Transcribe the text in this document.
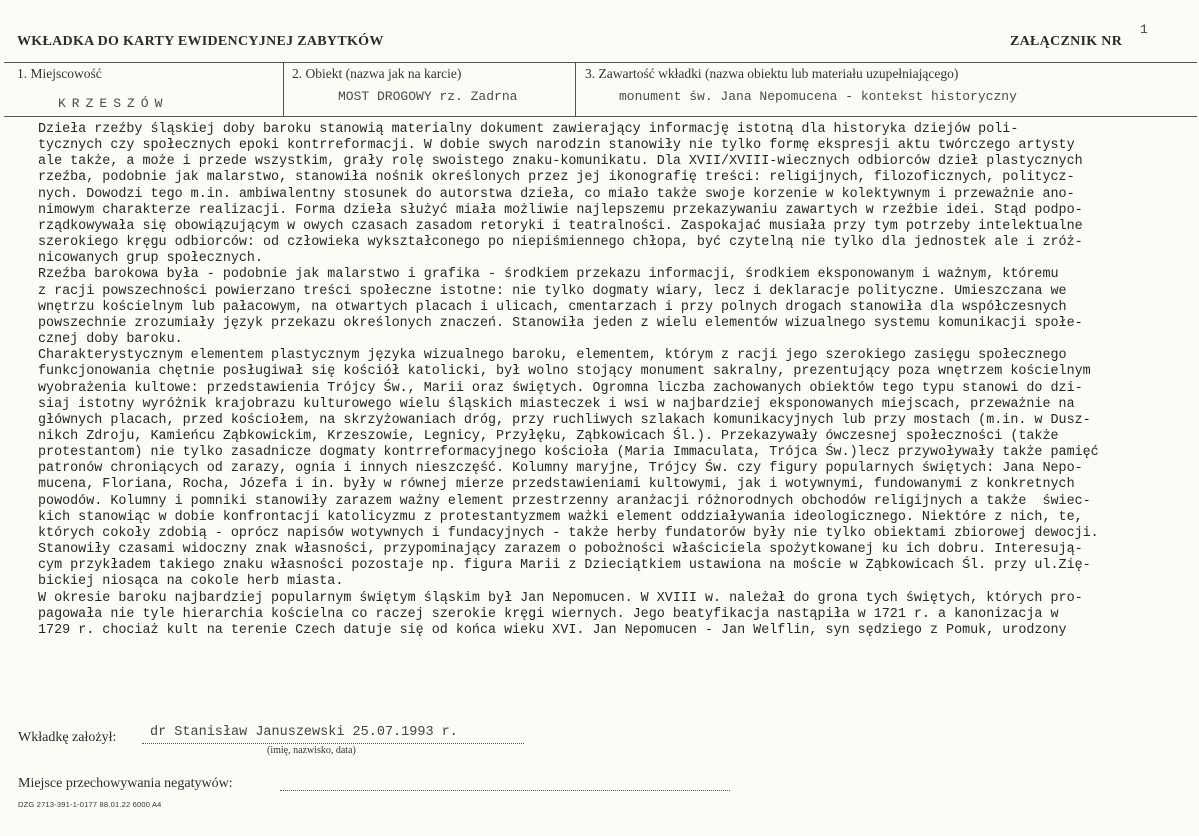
WKŁADKA DO KARTY EWIDENCYJNEJ ZABYTKÓW	ZAŁĄCZNIK NR
1
1. Miejscowość
KRZESZÓW
2. Obiekt (nazwa jak na karcie)
MOST DROGOWY rz. Zadrna
3. Zawartość wkładki (nazwa obiektu lub materiału uzupełniającego)
monument św. Jana Nepomucena - kontekst historyczny
Dzieła rzeźby śląskiej doby baroku stanowią materialny dokument zawierający informację istotną dla historyka dziejów poli-
tycznych czy społecznych epoki kontrreformacji. W dobie swych narodzin stanowiły nie tylko formę ekspresji aktu twórczego artysty
ale także, a może i przede wszystkim, grały rolę swoistego znaku-komunikatu. Dla XVII/XVIII-wiecznych odbiorców dzieł plastycznych
rzeźba, podobnie jak malarstwo, stanowiła nośnik określonych przez jej ikonografię treści: religijnych, filozoficznych, politycz-
nych. Dowodzi tego m.in. ambiwalentny stosunek do autorstwa dzieła, co miało także swoje korzenie w kolektywnym i przeważnie ano-
nimowym charakterze realizacji. Forma dzieła służyć miała możliwie najlepszemu przekazywaniu zawartych w rzeźbie idei. Stąd podpo-
rządkowywała się obowiązującym w owych czasach zasadom retoryki i teatralności. Zaspokajać musiała przy tym potrzeby intelektualne
szerokiego kręgu odbiorców: od człowieka wykształconego po niepiśmiennego chłopa, być czytelną nie tylko dla jednostek ale i zróż-
nicowanych grup społecznych.
Rzeźba barokowa była - podobnie jak malarstwo i grafika - środkiem przekazu informacji, środkiem eksponowanym i ważnym, któremu
z racji powszechności powierzano treści społeczne istotne: nie tylko dogmaty wiary, lecz i deklaracje polityczne. Umieszczana we
wnętrzu kościelnym lub pałacowym, na otwartych placach i ulicach, cmentarzach i przy polnych drogach stanowiła dla współczesnych
powszechnie zrozumiały język przekazu określonych znaczeń. Stanowiła jeden z wielu elementów wizualnego systemu komunikacji społe-
cznej doby baroku.
Charakterystycznym elementem plastycznym języka wizualnego baroku, elementem, którym z racji jego szerokiego zasięgu społecznego
funkcjonowania chętnie posługiwał się kościół katolicki, był wolno stojący monument sakralny, prezentujący poza wnętrzem kościelnym
wyobrażenia kultowe: przedstawienia Trójcy Św., Marii oraz świętych. Ogromna liczba zachowanych obiektów tego typu stanowi do dzi-
siaj istotny wyróżnik krajobrazu kulturowego wielu śląskich miasteczek i wsi w najbardziej eksponowanych miejscach, przeważnie na
głównych placach, przed kościołem, na skrzyżowaniach dróg, przy ruchliwych szlakach komunikacyjnych lub przy mostach (m.in. w Dusz-
nikch Zdroju, Kamieńcu Ząbkowickim, Krzeszowie, Legnicy, Przyłęku, Ząbkowicach Śl.). Przekazywały ówczesnej społeczności (także
protestantom) nie tylko zasadnicze dogmaty kontrreformacyjnego kościoła (Maria Immaculata, Trójca Św.)lecz przywoływały także pamięć
patronów chroniących od zarazy, ognia i innych nieszczęść. Kolumny maryjne, Trójcy Św. czy figury popularnych świętych: Jana Nepo-
mucena, Floriana, Rocha, Józefa i in. były w równej mierze przedstawieniami kultowymi, jak i wotywnymi, fundowanymi z konkretnych
powodów. Kolumny i pomniki stanowiły zarazem ważny element przestrzenny aranżacji różnorodnych obchodów religijnych a także  świec-
kich stanowiąc w dobie konfrontacji katolicyzmu z protestantyzmem ważki element oddziaływania ideologicznego. Niektóre z nich, te,
których cokoły zdobią - oprócz napisów wotywnych i fundacyjnych - także herby fundatorów były nie tylko obiektami zbiorowej dewocji.
Stanowiły czasami widoczny znak własności, przypominający zarazem o pobożności właściciela spożytkowanej ku ich dobru. Interesują-
cym przykładem takiego znaku własności pozostaje np. figura Marii z Dzieciątkiem ustawiona na moście w Ząbkowicach Śl. przy ul.Zię-
bickiej niosąca na cokole herb miasta.
W okresie baroku najbardziej popularnym świętym śląskim był Jan Nepomucen. W XVIII w. należał do grona tych świętych, których pro-
pagowała nie tyle hierarchia kościelna co raczej szerokie kręgi wiernych. Jego beatyfikacja nastąpiła w 1721 r. a kanonizacja w
1729 r. chociaż kult na terenie Czech datuje się od końca wieku XVI. Jan Nepomucen - Jan Welflin, syn sędziego z Pomuk, urodzony
Wkładkę założył: dr Stanisław Januszewski 25.07.1993 r.
(imię, nazwisko, data)
Miejsce przechowywania negatywów:
DZG 2713-391-1-0177 88.01.22 6000 A4
